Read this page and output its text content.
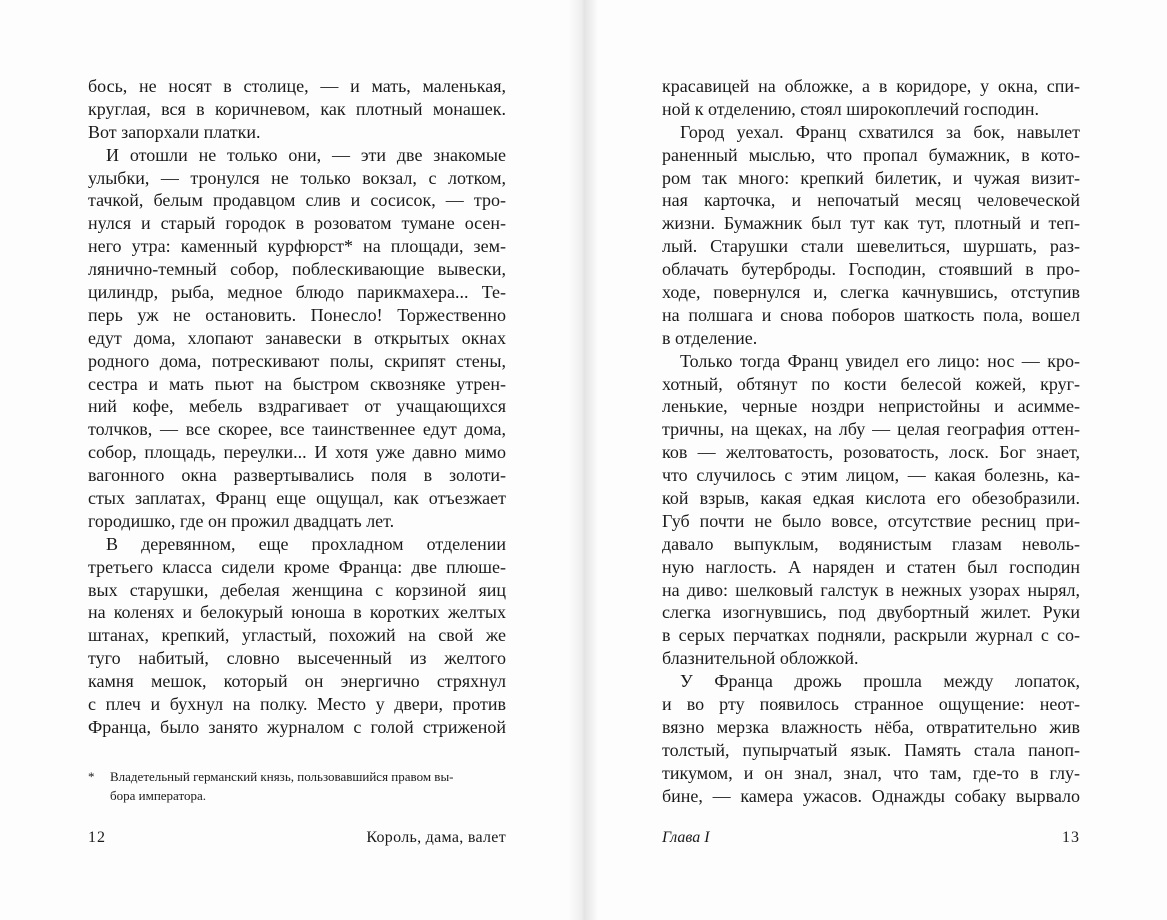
бось, не носят в столице, — и мать, маленькая,
круглая, вся в коричневом, как плотный монашек.
Вот запорхали платки.
И отошли не только они, — эти две знакомые
улыбки, — тронулся не только вокзал, с лотком,
тачкой, белым продавцом слив и сосисок, — тро-
нулся и старый городок в розоватом тумане осен-
него утра: каменный курфюрст* на площади, зем-
лянично-темный собор, поблескивающие вывески,
цилиндр, рыба, медное блюдо парикмахера... Те-
перь уж не остановить. Понесло! Торжественно
едут дома, хлопают занавески в открытых окнах
родного дома, потрескивают полы, скрипят стены,
сестра и мать пьют на быстром сквозняке утрен-
ний кофе, мебель вздрагивает от учащающихся
толчков, — все скорее, все таинственнее едут дома,
собор, площадь, переулки... И хотя уже давно мимо
вагонного окна развертывались поля в золоти-
стых заплатах, Франц еще ощущал, как отъезжает
городишко, где он прожил двадцать лет.
В деревянном, еще прохладном отделении
третьего класса сидели кроме Франца: две плюше-
вых старушки, дебелая женщина с корзиной яиц
на коленях и белокурый юноша в коротких желтых
штанах, крепкий, угластый, похожий на свой же
туго набитый, словно высеченный из желтого
камня мешок, который он энергично стряхнул
с плеч и бухнул на полку. Место у двери, против
Франца, было занято журналом с голой стриженой
*	Владетельный германский князь, пользовавшийся правом вы-
бора императора.
12	Король, дама, валет
красавицей на обложке, а в коридоре, у окна, спи-
ной к отделению, стоял широкоплечий господин.
Город уехал. Франц схватился за бок, навылет
раненный мыслью, что пропал бумажник, в кото-
ром так много: крепкий билетик, и чужая визит-
ная карточка, и непочатый месяц человеческой
жизни. Бумажник был тут как тут, плотный и теп-
лый. Старушки стали шевелиться, шуршать, раз-
облачать бутерброды. Господин, стоявший в про-
ходе, повернулся и, слегка качнувшись, отступив
на полшага и снова поборов шаткость пола, вошел
в отделение.
Только тогда Франц увидел его лицо: нос — кро-
хотный, обтянут по кости белесой кожей, круг-
ленькие, черные ноздри непристойны и асимме-
тричны, на щеках, на лбу — целая география оттен-
ков — желтоватость, розоватость, лоск. Бог знает,
что случилось с этим лицом, — какая болезнь, ка-
кой взрыв, какая едкая кислота его обезобразили.
Губ почти не было вовсе, отсутствие ресниц при-
давало выпуклым, водянистым глазам неволь-
ную наглость. А наряден и статен был господин
на диво: шелковый галстук в нежных узорах нырял,
слегка изогнувшись, под двубортный жилет. Руки
в серых перчатках подняли, раскрыли журнал с со-
блазнительной обложкой.
У Франца дрожь прошла между лопаток,
и во рту появилось странное ощущение: неот-
вязно мерзка влажность нёба, отвратительно жив
толстый, пупырчатый язык. Память стала паноп-
тикумом, и он знал, знал, что там, где-то в глу-
бине, — камера ужасов. Однажды собаку вырвало
Глава I	13
